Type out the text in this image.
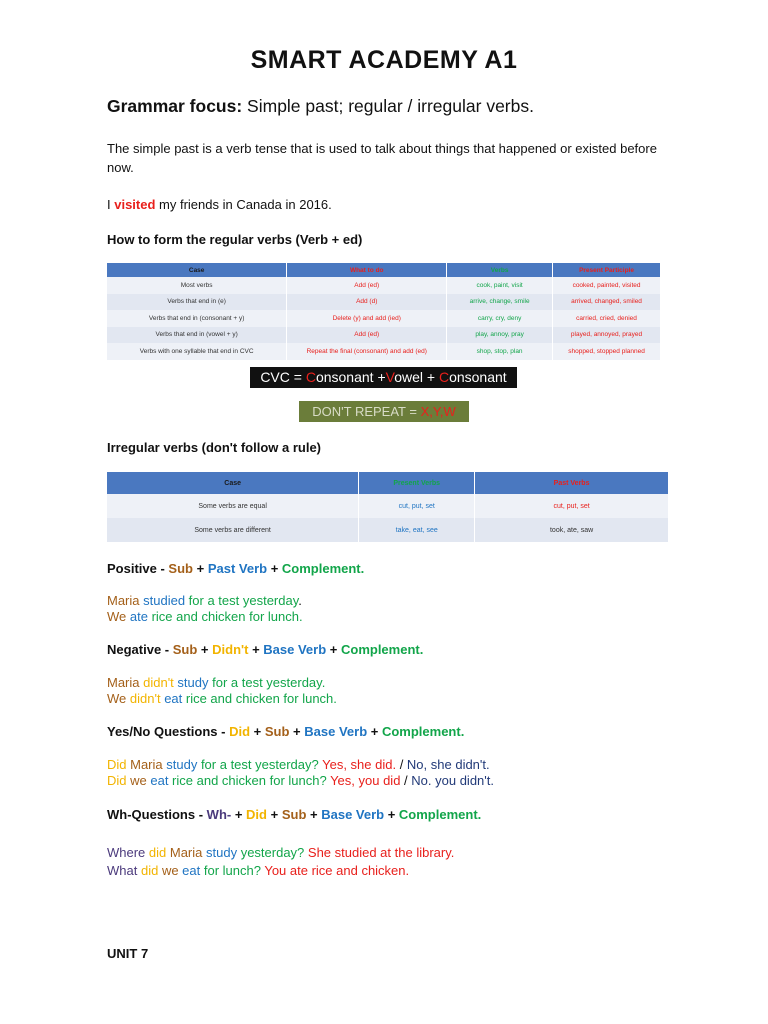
SMART ACADEMY A1
Grammar focus: Simple past; regular / irregular verbs.
The simple past is a verb tense that is used to talk about things that happened or existed before now.
I visited my friends in Canada in 2016.
How to form the regular verbs (Verb + ed)
Case	What to do	Verbs	Present Participle
Most verbs	Add (ed)	cook, paint, visit	cooked, painted, visited
Verbs that end in (e)	Add (d)	arrive, change, smile	arrived, changed, smiled
Verbs that end in (consonant + y)	Delete (y) and add (ied)	carry, cry, deny	carried, cried, denied
Verbs that end in (vowel + y)	Add (ed)	play, annoy, pray	played, annoyed, prayed
Verbs with one syllable that end in CVC	Repeat the final (consonant) and add (ed)	shop, stop, plan	shopped, stopped planned
CVC = Consonant +Vowel + Consonant
DON'T REPEAT = X,Y,W
Irregular verbs (don't follow a rule)
Case	Present Verbs	Past Verbs
Some verbs are equal	cut, put, set	cut, put, set
Some verbs are different	take, eat, see	took, ate, saw
Positive - Sub + Past Verb + Complement.
Maria studied for a test yesterday.
We ate rice and chicken for lunch.
Negative - Sub + Didn't + Base Verb + Complement.
Maria didn't study for a test yesterday.
We didn't eat rice and chicken for lunch.
Yes/No Questions - Did + Sub + Base Verb + Complement.
Did Maria study for a test yesterday? Yes, she did. / No, she didn't.
Did we eat rice and chicken for lunch? Yes, you did / No. you didn't.
Wh-Questions - Wh- + Did + Sub + Base Verb + Complement.
Where did Maria study yesterday? She studied at the library.
What did we eat for lunch? You ate rice and chicken.
UNIT 7
